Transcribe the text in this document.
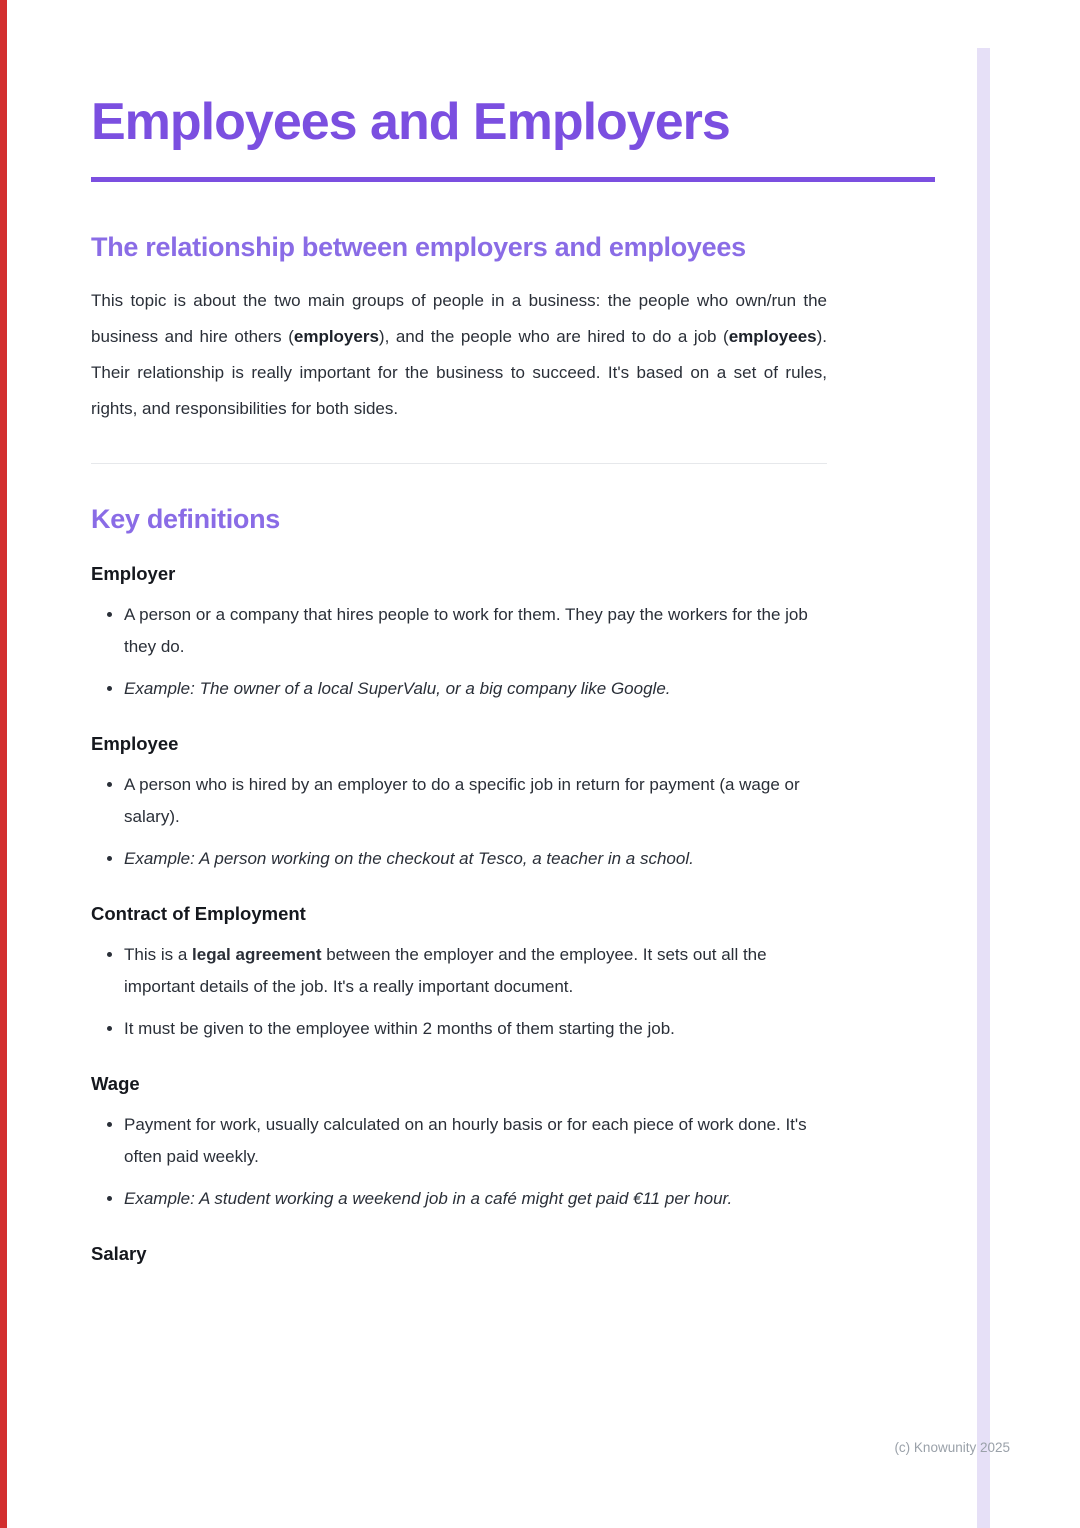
Employees and Employers
The relationship between employers and employees

This topic is about the two main groups of people in a business: the people who own/run the business and hire others (employers), and the people who are hired to do a job (employees). Their relationship is really important for the business to succeed. It's based on a set of rules, rights, and responsibilities for both sides.

Key definitions
Employer
• A person or a company that hires people to work for them. They pay the workers for the job they do.
• Example: The owner of a local SuperValu, or a big company like Google.
Employee
• A person who is hired by an employer to do a specific job in return for payment (a wage or salary).
• Example: A person working on the checkout at Tesco, a teacher in a school.
Contract of Employment
• This is a legal agreement between the employer and the employee. It sets out all the important details of the job. It's a really important document.
• It must be given to the employee within 2 months of them starting the job.
Wage
• Payment for work, usually calculated on an hourly basis or for each piece of work done. It's often paid weekly.
• Example: A student working a weekend job in a café might get paid €11 per hour.
Salary
(c) Knowunity 2025
